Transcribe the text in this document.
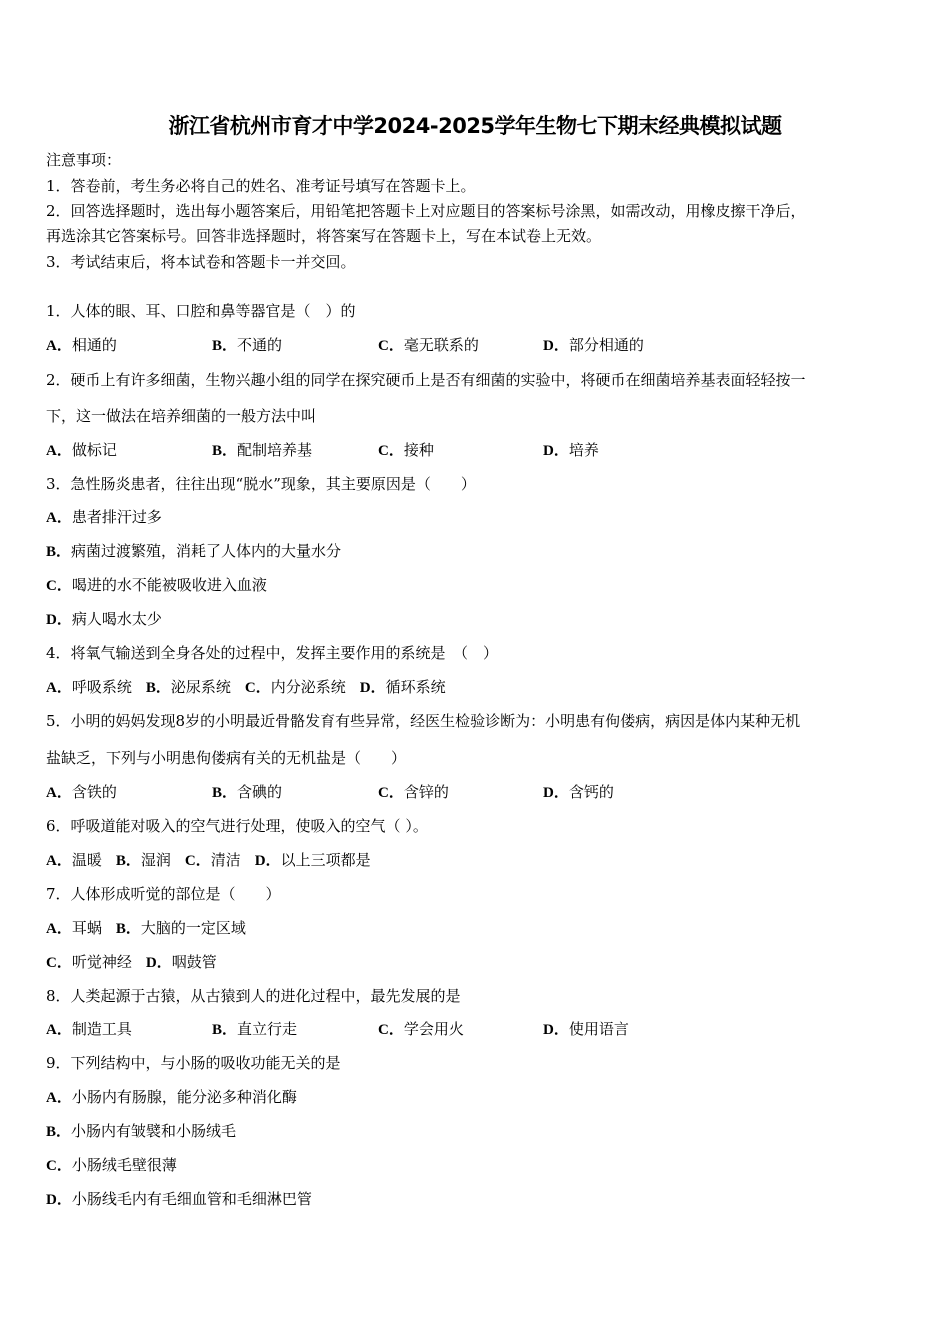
浙江省杭州市育才中学2024-2025学年生物七下期末经典模拟试题
注意事项：
1．答卷前，考生务必将自己的姓名、准考证号填写在答题卡上。
2．回答选择题时，选出每小题答案后，用铅笔把答题卡上对应题目的答案标号涂黑，如需改动，用橡皮擦干净后，
再选涂其它答案标号。回答非选择题时，将答案写在答题卡上，写在本试卷上无效。
3．考试结束后，将本试卷和答题卡一并交回。
1．人体的眼、耳、口腔和鼻等器官是（　）的
A．相通的	B．不通的	C．毫无联系的	D．部分相通的
2．硬币上有许多细菌，生物兴趣小组的同学在探究硬币上是否有细菌的实验中，将硬币在细菌培养基表面轻轻按一
下，这一做法在培养细菌的一般方法中叫
A．做标记	B．配制培养基	C．接种	D．培养
3．急性肠炎患者，往往出现“脱水”现象，其主要原因是（　　）
A．患者排汗过多
B．病菌过渡繁殖，消耗了人体内的大量水分
C．喝进的水不能被吸收进入血液
D．病人喝水太少
4．将氧气输送到全身各处的过程中，发挥主要作用的系统是　（　）
A．呼吸系统 B．泌尿系统 C．内分泌系统 D．循环系统
5．小明的妈妈发现8岁的小明最近骨骼发育有些异常，经医生检验诊断为：小明患有佝偻病，病因是体内某种无机
盐缺乏，下列与小明患佝偻病有关的无机盐是（　　）
A．含铁的	B．含碘的	C．含锌的	D．含钙的
6．呼吸道能对吸入的空气进行处理，使吸入的空气（ ）。
A．温暖 B．湿润 C．清洁 D．以上三项都是
7．人体形成听觉的部位是（　　）
A．耳蜗 B．大脑的一定区域
C．听觉神经 D．咽鼓管
8．人类起源于古猿，从古猿到人的进化过程中，最先发展的是
A．制造工具	B．直立行走	C．学会用火	D．使用语言
9．下列结构中，与小肠的吸收功能无关的是
A．小肠内有肠腺，能分泌多种消化酶
B．小肠内有皱襞和小肠绒毛
C．小肠绒毛壁很薄
D．小肠线毛内有毛细血管和毛细淋巴管
